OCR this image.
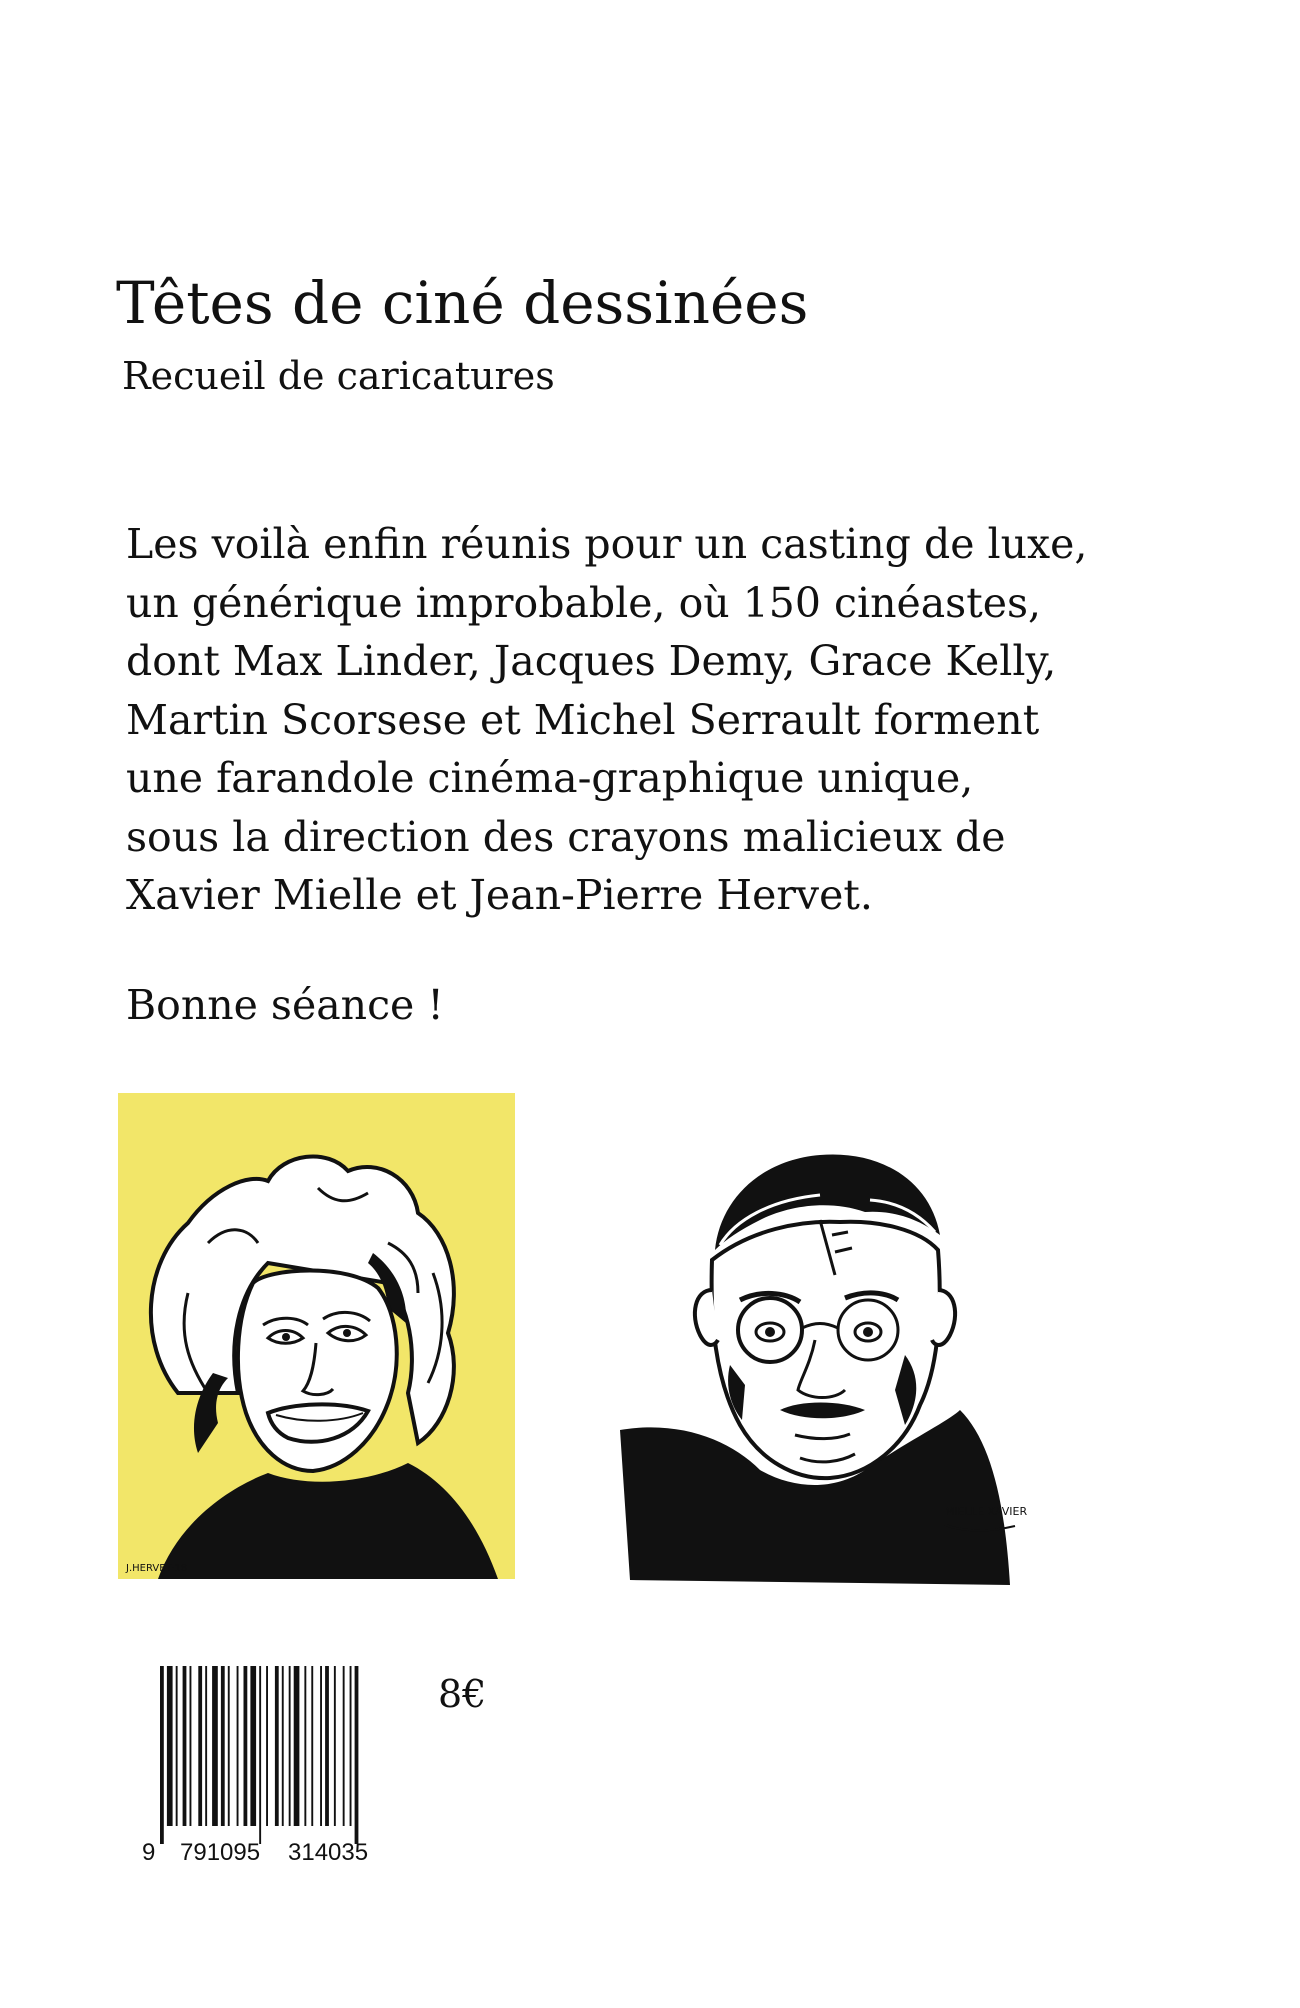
Têtes de ciné dessinées
Recueil de caricatures
Les voilà enfin réunis pour un casting de luxe,
un générique improbable, où 150 cinéastes,
dont Max Linder, Jacques Demy, Grace Kelly,
Martin Scorsese et Michel Serrault forment
une farandole cinéma-graphique unique,
sous la direction des crayons malicieux de
Xavier Mielle et Jean-Pierre Hervet.
Bonne séance !
J.HERVET-18
MIELLE XAVIER
9 791095 314035
8€
